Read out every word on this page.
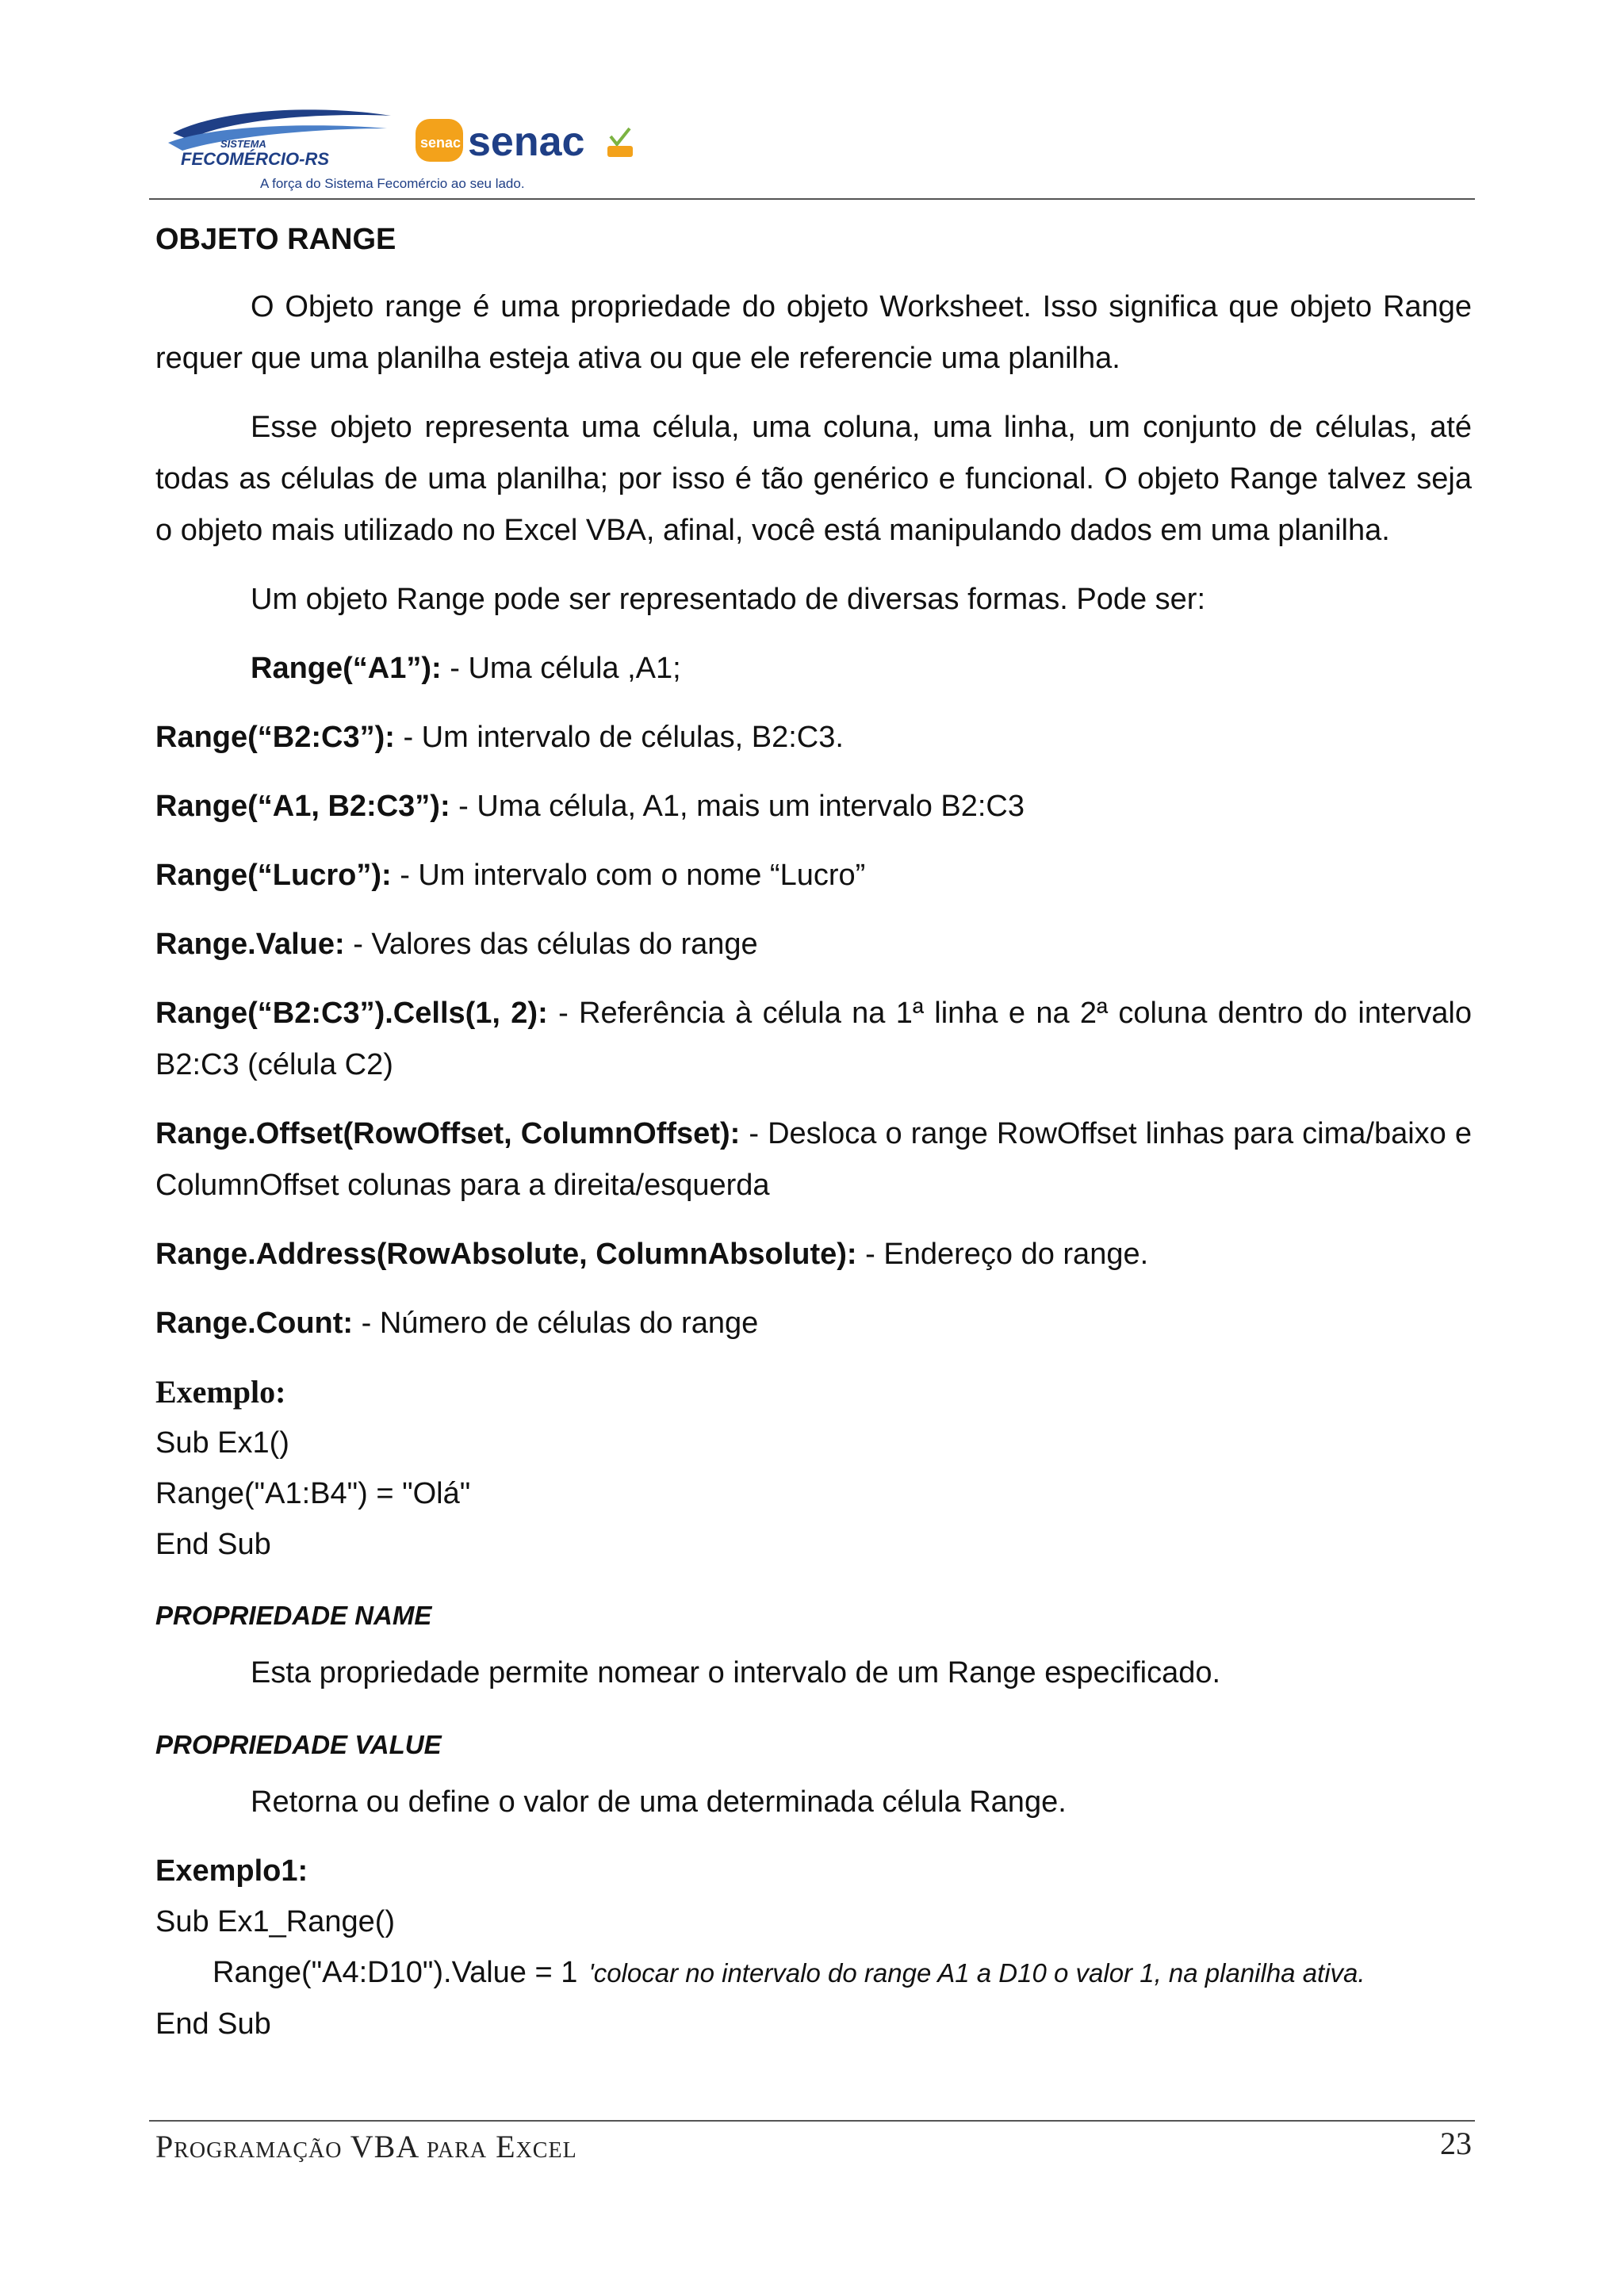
SISTEMA
FECOMÉRCIO-RS
senac senac
A força do Sistema Fecomércio ao seu lado.
OBJETO RANGE

O Objeto range é uma propriedade do objeto Worksheet. Isso significa que objeto Range requer que uma planilha esteja ativa ou que ele referencie uma planilha.

Esse objeto representa uma célula, uma coluna, uma linha, um conjunto de células, até todas as células de uma planilha; por isso é tão genérico e funcional. O objeto Range talvez seja o objeto mais utilizado no Excel VBA, afinal, você está manipulando dados em uma planilha.

Um objeto Range pode ser representado de diversas formas. Pode ser:

Range(“A1”): - Uma célula ,A1;
Range(“B2:C3”): - Um intervalo de células, B2:C3.
Range(“A1, B2:C3”): - Uma célula, A1, mais um intervalo B2:C3
Range(“Lucro”): - Um intervalo com o nome “Lucro”
Range.Value: - Valores das células do range
Range(“B2:C3”).Cells(1, 2): - Referência à célula na 1ª linha e na 2ª coluna dentro do intervalo B2:C3 (célula C2)
Range.Offset(RowOffset, ColumnOffset): - Desloca o range RowOffset linhas para cima/baixo e ColumnOffset colunas para a direita/esquerda
Range.Address(RowAbsolute, ColumnAbsolute): - Endereço do range.
Range.Count: - Número de células do range
Exemplo:
Sub Ex1()
Range("A1:B4") = "Olá"
End Sub
PROPRIEDADE NAME
Esta propriedade permite nomear o intervalo de um Range especificado.
PROPRIEDADE VALUE
Retorna ou define o valor de uma determinada célula Range.
Exemplo1:
Sub Ex1_Range()
Range("A4:D10").Value = 1 'colocar no intervalo do range A1 a D10 o valor 1, na planilha ativa.
End Sub
Programação VBA para Excel	23
